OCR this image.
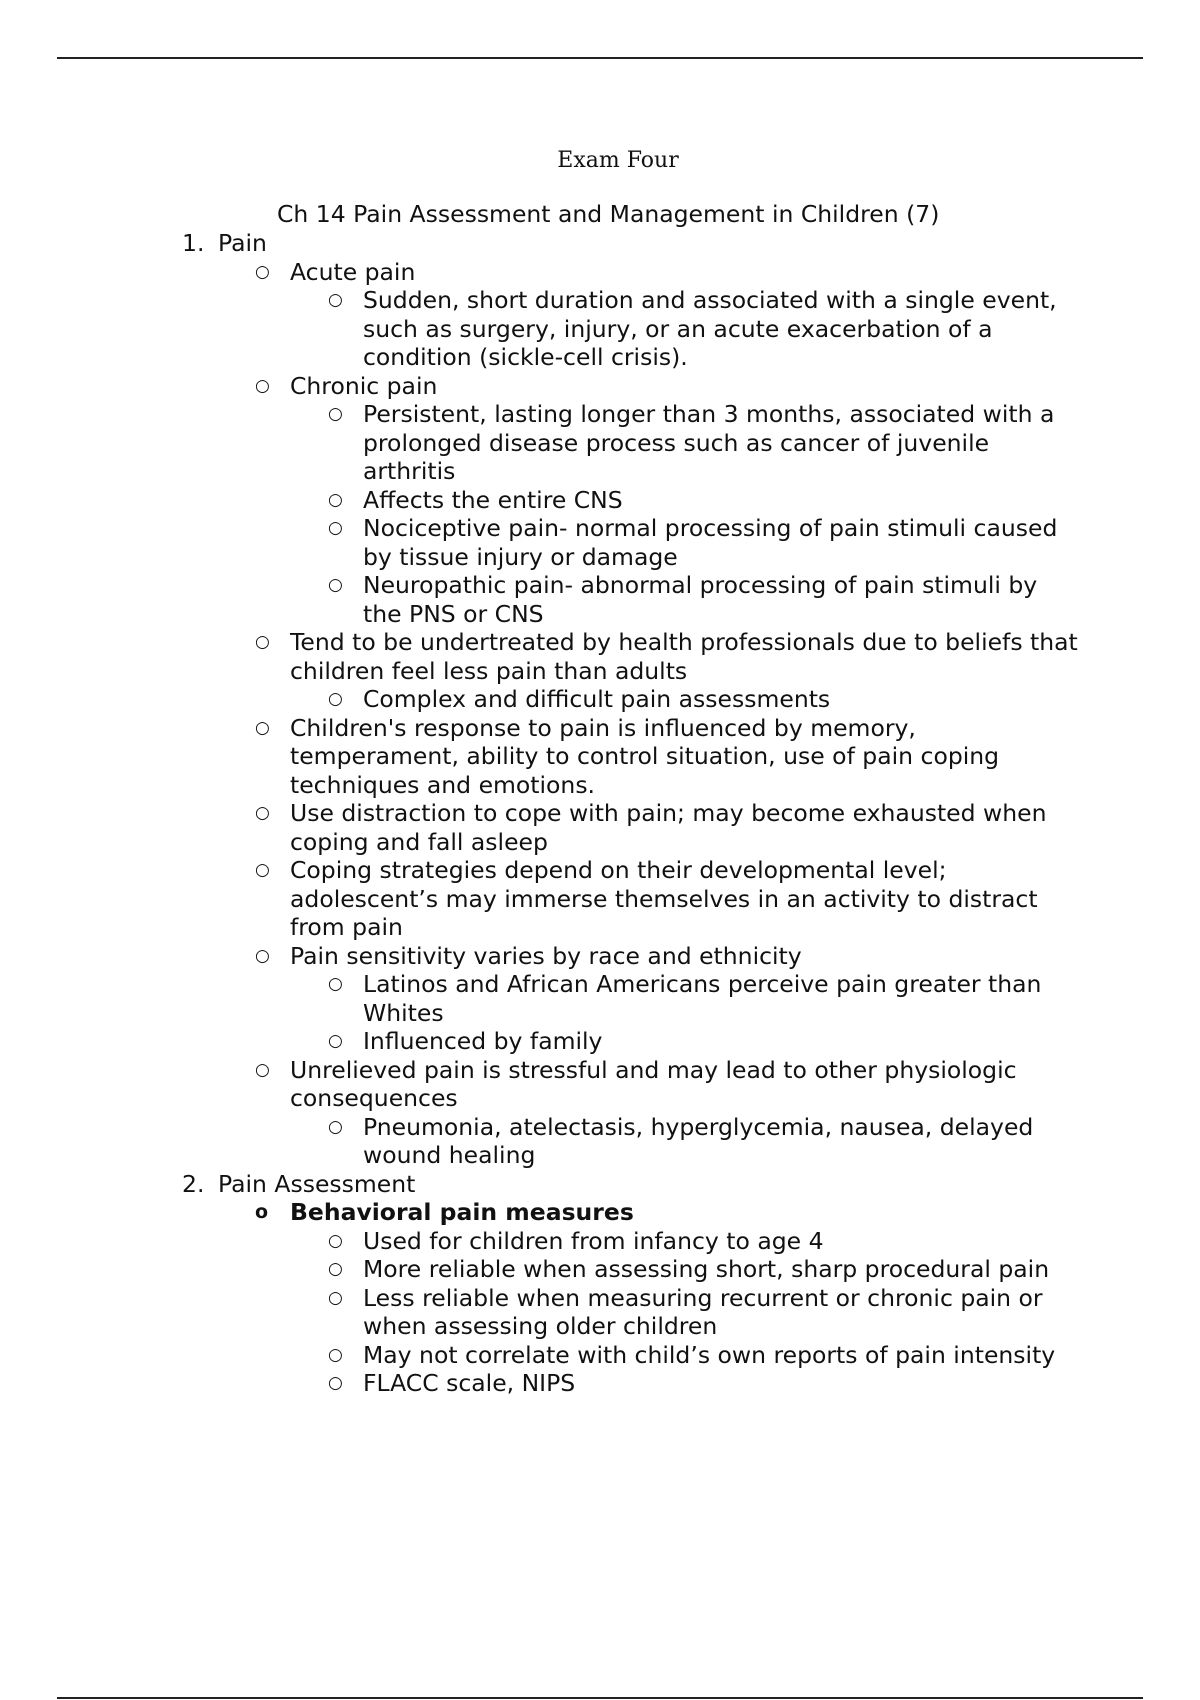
Exam Four
Ch 14 Pain Assessment and Management in Children (7)
1. Pain
○ Acute pain
○ Sudden, short duration and associated with a single event, such as surgery, injury, or an acute exacerbation of a condition (sickle-cell crisis).
○ Chronic pain
○ Persistent, lasting longer than 3 months, associated with a prolonged disease process such as cancer of juvenile arthritis
○ Affects the entire CNS
○ Nociceptive pain- normal processing of pain stimuli caused by tissue injury or damage
○ Neuropathic pain- abnormal processing of pain stimuli by the PNS or CNS
○ Tend to be undertreated by health professionals due to beliefs that children feel less pain than adults
○ Complex and difficult pain assessments
○ Children's response to pain is influenced by memory, temperament, ability to control situation, use of pain coping techniques and emotions.
○ Use distraction to cope with pain; may become exhausted when coping and fall asleep
○ Coping strategies depend on their developmental level; adolescent’s may immerse themselves in an activity to distract from pain
○ Pain sensitivity varies by race and ethnicity
○ Latinos and African Americans perceive pain greater than Whites
○ Influenced by family
○ Unrelieved pain is stressful and may lead to other physiologic consequences
○ Pneumonia, atelectasis, hyperglycemia, nausea, delayed wound healing
2. Pain Assessment
o Behavioral pain measures
○ Used for children from infancy to age 4
○ More reliable when assessing short, sharp procedural pain
○ Less reliable when measuring recurrent or chronic pain or when assessing older children
○ May not correlate with child’s own reports of pain intensity
○ FLACC scale, NIPS
